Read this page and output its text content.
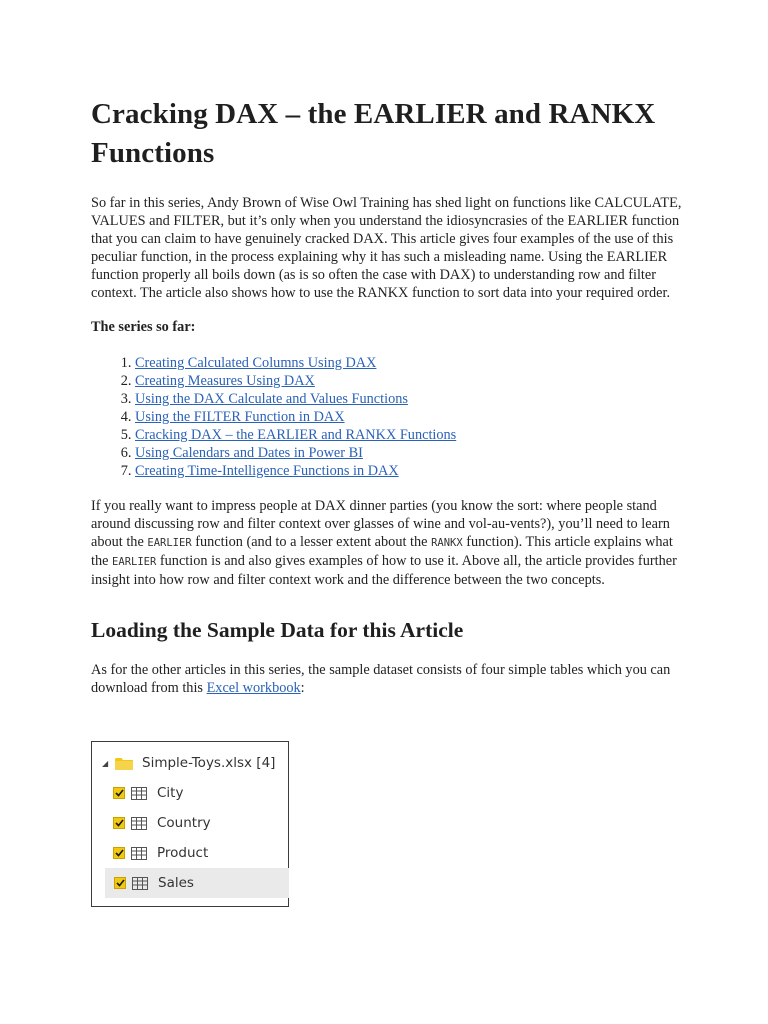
Cracking DAX – the EARLIER and RANKX Functions

So far in this series, Andy Brown of Wise Owl Training has shed light on functions like CALCULATE, VALUES and FILTER, but it’s only when you understand the idiosyncrasies of the EARLIER function that you can claim to have genuinely cracked DAX. This article gives four examples of the use of this peculiar function, in the process explaining why it has such a misleading name. Using the EARLIER function properly all boils down (as is so often the case with DAX) to understanding row and filter context. The article also shows how to use the RANKX function to sort data into your required order.

The series so far:

1. Creating Calculated Columns Using DAX
2. Creating Measures Using DAX
3. Using the DAX Calculate and Values Functions
4. Using the FILTER Function in DAX
5. Cracking DAX – the EARLIER and RANKX Functions
6. Using Calendars and Dates in Power BI
7. Creating Time-Intelligence Functions in DAX

If you really want to impress people at DAX dinner parties (you know the sort: where people stand around discussing row and filter context over glasses of wine and vol-au-vents?), you’ll need to learn about the EARLIER function (and to a lesser extent about the RANKX function). This article explains what the EARLIER function is and also gives examples of how to use it. Above all, the article provides further insight into how row and filter context work and the difference between the two concepts.

Loading the Sample Data for this Article

As for the other articles in this series, the sample dataset consists of four simple tables which you can download from this Excel workbook:

◢	Simple-Toys.xlsx [4]
City
Country
Product
Sales
